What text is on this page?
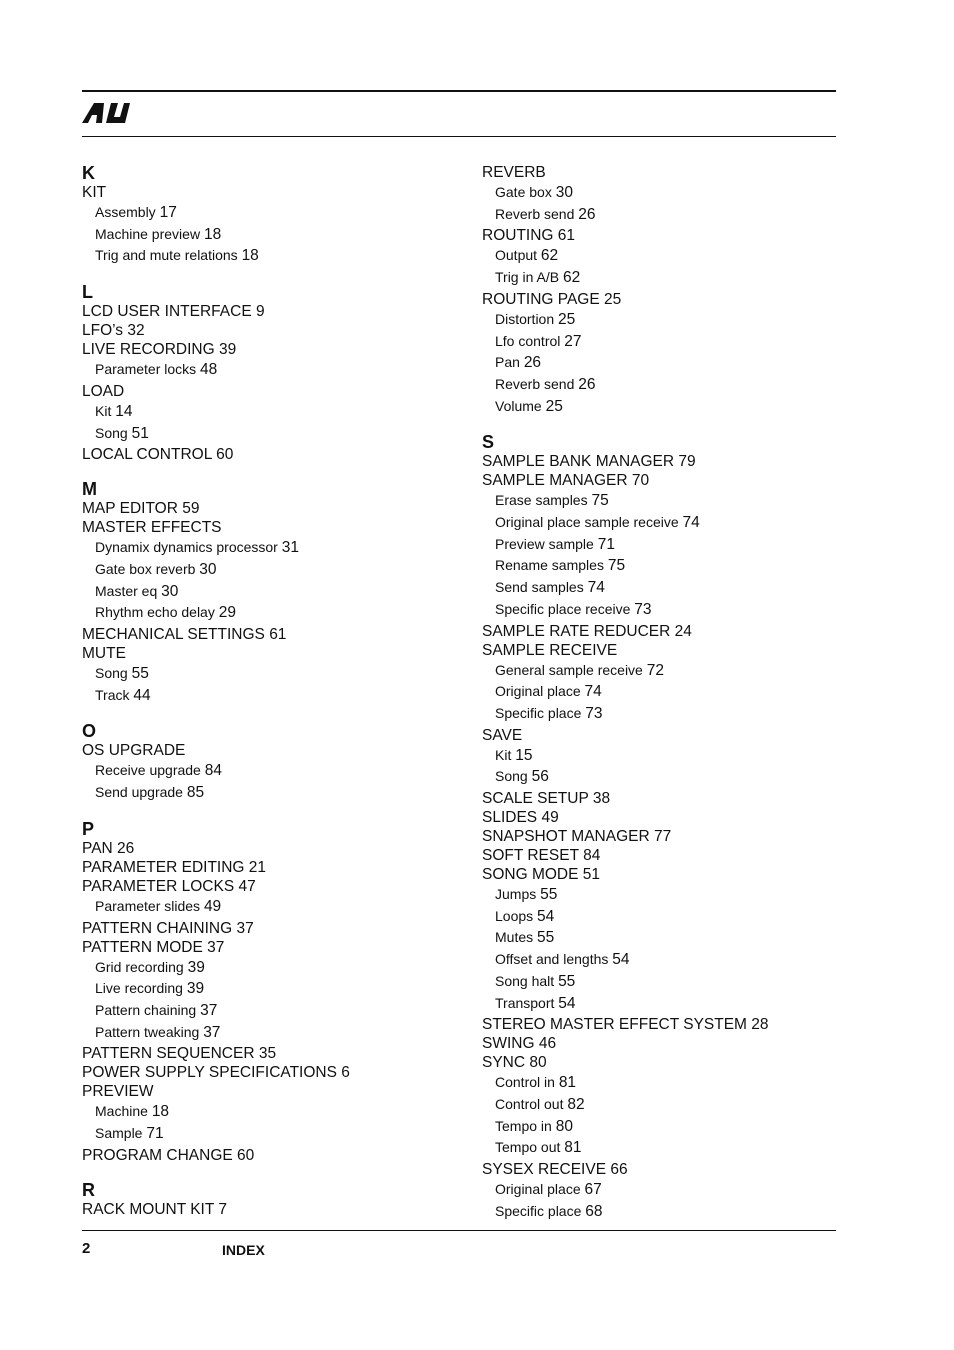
K
KIT
Assembly 17
Machine preview 18
Trig and mute relations 18
L
LCD USER INTERFACE 9
LFO’s 32
LIVE RECORDING 39
Parameter locks 48
LOAD
Kit 14
Song 51
LOCAL CONTROL 60
M
MAP EDITOR 59
MASTER EFFECTS
Dynamix dynamics processor 31
Gate box reverb 30
Master eq 30
Rhythm echo delay 29
MECHANICAL SETTINGS 61
MUTE
Song 55
Track 44
O
OS UPGRADE
Receive upgrade 84
Send upgrade 85
P
PAN 26
PARAMETER EDITING 21
PARAMETER LOCKS 47
Parameter slides 49
PATTERN CHAINING 37
PATTERN MODE 37
Grid recording 39
Live recording 39
Pattern chaining 37
Pattern tweaking 37
PATTERN SEQUENCER 35
POWER SUPPLY SPECIFICATIONS 6
PREVIEW
Machine 18
Sample 71
PROGRAM CHANGE 60
R
RACK MOUNT KIT 7
REVERB
Gate box 30
Reverb send 26
ROUTING 61
Output 62
Trig in A/B 62
ROUTING PAGE 25
Distortion 25
Lfo control 27
Pan 26
Reverb send 26
Volume 25
S
SAMPLE BANK MANAGER 79
SAMPLE MANAGER 70
Erase samples 75
Original place sample receive 74
Preview sample 71
Rename samples 75
Send samples 74
Specific place receive 73
SAMPLE RATE REDUCER 24
SAMPLE RECEIVE
General sample receive 72
Original place 74
Specific place 73
SAVE
Kit 15
Song 56
SCALE SETUP 38
SLIDES 49
SNAPSHOT MANAGER 77
SOFT RESET 84
SONG MODE 51
Jumps 55
Loops 54
Mutes 55
Offset and lengths 54
Song halt 55
Transport 54
STEREO MASTER EFFECT SYSTEM 28
SWING 46
SYNC 80
Control in 81
Control out 82
Tempo in 80
Tempo out 81
SYSEX RECEIVE 66
Original place 67
Specific place 68
2	INDEX
